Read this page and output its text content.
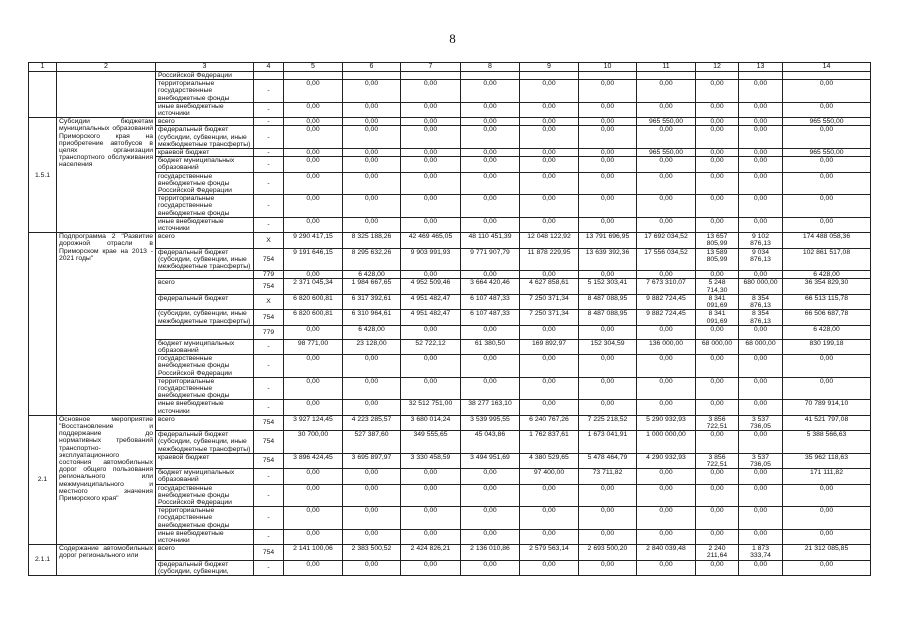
8
1	2	3	4	5	6	7	8	9	10	11	12	13	14
		Российской Федерации											
		территориальные государственные внебюджетные фонды	-	0,00	0,00	0,00	0,00	0,00	0,00	0,00	0,00	0,00	0,00
		иные внебюджетные источники	-	0,00	0,00	0,00	0,00	0,00	0,00	0,00	0,00	0,00	0,00
1.5.1	Субсидии бюджетам муниципальных образований Приморского края на приобретение автобусов в целях организации транспортного обслуживания населения	всего	-	0,00	0,00	0,00	0,00	0,00	0,00	965 550,00	0,00	0,00	965 550,00
		федеральный бюджет (субсидии, субвенции, иные межбюджетные трансферты)	-	0,00	0,00	0,00	0,00	0,00	0,00	0,00	0,00	0,00	0,00
		краевой бюджет	-	0,00	0,00	0,00	0,00	0,00	0,00	965 550,00	0,00	0,00	965 550,00
		бюджет муниципальных образований	-	0,00	0,00	0,00	0,00	0,00	0,00	0,00	0,00	0,00	0,00
		государственные внебюджетные фонды Российской Федерации	-	0,00	0,00	0,00	0,00	0,00	0,00	0,00	0,00	0,00	0,00
		территориальные государственные внебюджетные фонды	-	0,00	0,00	0,00	0,00	0,00	0,00	0,00	0,00	0,00	0,00
		иные внебюджетные источники	-	0,00	0,00	0,00	0,00	0,00	0,00	0,00	0,00	0,00	0,00
	Подпрограмма 2 "Развитие дорожной отрасли в Приморском крае на 2013 - 2021 годы"	всего	X	9 290 417,15	8 325 188,26	42 469 465,05	48 110 451,39	12 048 122,92	13 791 696,95	17 692 034,52	13 657 805,99	9 102 876,13	174 488 058,36
		федеральный бюджет (субсидии, субвенции, иные межбюджетные трансферты)	754	9 191 646,15	8 295 632,26	9 903 991,93	9 771 907,79	11 878 229,95	13 639 392,36	17 556 034,52	13 589 805,99	9 034 876,13	102 861 517,08
			779	0,00	6 428,00	0,00	0,00	0,00	0,00	0,00	0,00	0,00	6 428,00
		всего	754	2 371 045,34	1 984 667,65	4 952 509,46	3 664 420,46	4 627 858,61	5 152 303,41	7 673 310,07	5 248 714,30	680 000,00	36 354 829,30
		федеральный бюджет	X	6 820 600,81	6 317 392,61	4 951 482,47	6 107 487,33	7 250 371,34	8 487 088,95	9 882 724,45	8 341 091,69	8 354 876,13	66 513 115,78
		(субсидии, субвенции, иные межбюджетные трансферты)	754	6 820 600,81	6 310 964,61	4 951 482,47	6 107 487,33	7 250 371,34	8 487 088,95	9 882 724,45	8 341 091,69	8 354 876,13	66 506 687,78
			779	0,00	6 428,00	0,00	0,00	0,00	0,00	0,00	0,00	0,00	6 428,00
		бюджет муниципальных образований	-	98 771,00	23 128,00	52 722,12	61 380,50	169 892,97	152 304,59	136 000,00	68 000,00	68 000,00	830 199,18
		государственные внебюджетные фонды Российской Федерации	-	0,00	0,00	0,00	0,00	0,00	0,00	0,00	0,00	0,00	0,00
		территориальные государственные внебюджетные фонды	-	0,00	0,00	0,00	0,00	0,00	0,00	0,00	0,00	0,00	0,00
		иные внебюджетные источники	-	0,00	0,00	32 512 751,00	38 277 163,10	0,00	0,00	0,00	0,00	0,00	70 789 914,10
2.1	Основное мероприятие "Восстановление и поддержание до нормативных требований транспортно-эксплуатационного состояния автомобильных дорог общего пользования регионального или межмуниципального и местного значения Приморского края"	всего	754	3 927 124,45	4 223 285,57	3 680 014,24	3 539 995,55	6 240 767,26	7 225 218,52	5 290 932,93	3 856 722,51	3 537 736,05	41 521 797,08
		федеральный бюджет (субсидии, субвенции, иные межбюджетные трансферты)	754	30 700,00	527 387,60	349 555,65	45 043,86	1 762 837,61	1 673 041,91	1 000 000,00	0,00	0,00	5 388 566,63
		краевой бюджет	754	3 896 424,45	3 695 897,97	3 330 458,59	3 494 951,69	4 380 529,65	5 478 464,79	4 290 932,93	3 856 722,51	3 537 736,05	35 962 118,63
		бюджет муниципальных образований	-	0,00	0,00	0,00	0,00	97 400,00	73 711,82	0,00	0,00	0,00	171 111,82
		государственные внебюджетные фонды Российской Федерации	-	0,00	0,00	0,00	0,00	0,00	0,00	0,00	0,00	0,00	0,00
		территориальные государственные внебюджетные фонды	-	0,00	0,00	0,00	0,00	0,00	0,00	0,00	0,00	0,00	0,00
		иные внебюджетные источники	-	0,00	0,00	0,00	0,00	0,00	0,00	0,00	0,00	0,00	0,00
2.1.1	Содержание автомобильных дорог регионального или	всего	754	2 141 100,06	2 383 500,52	2 424 826,21	2 136 010,86	2 579 563,14	2 693 500,20	2 840 039,48	2 240 211,64	1 873 333,74	21 312 085,85
		федеральный бюджет (субсидии, субвенции,	-	0,00	0,00	0,00	0,00	0,00	0,00	0,00	0,00	0,00	0,00
